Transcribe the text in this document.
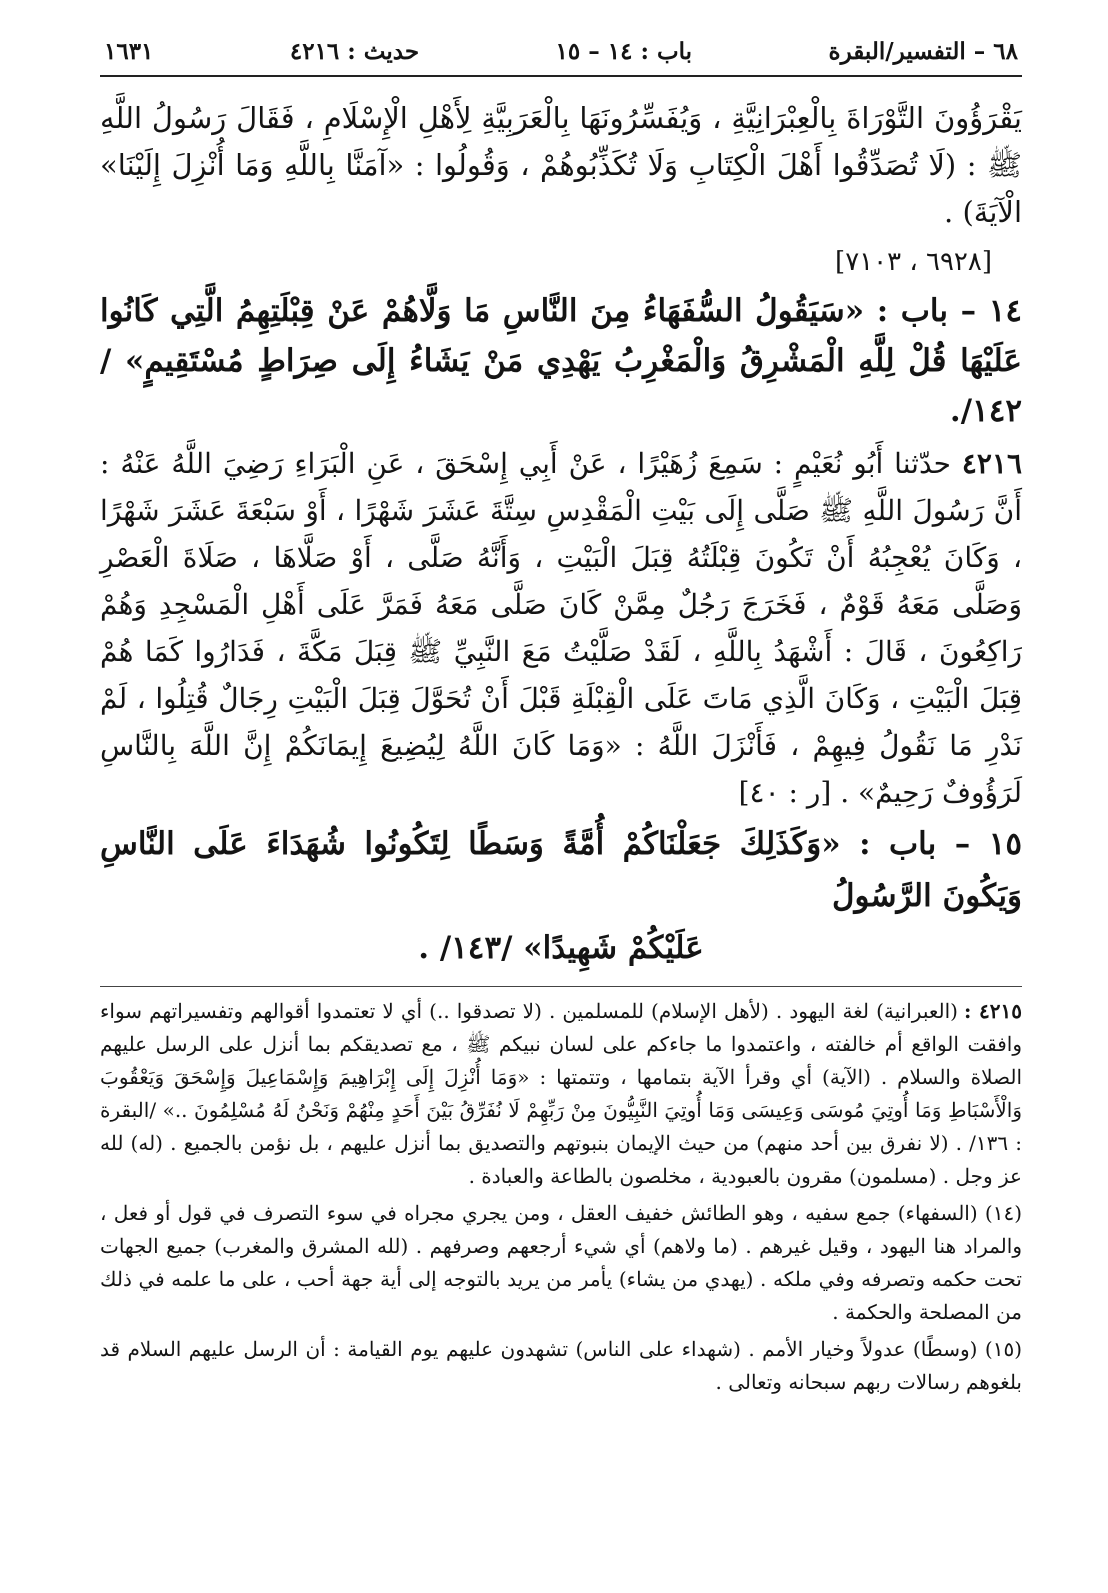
٦٨ – التفسير/البقرة
باب : ١٤ – ١٥
حديث : ٤٢١٦
١٦٣١

يَقْرَؤُونَ التَّوْرَاةَ بِالْعِبْرَانِيَّةِ ، وَيُفَسِّرُونَهَا بِالْعَرَبِيَّةِ لِأَهْلِ الْإِسْلَامِ ، فَقَالَ رَسُولُ اللَّهِ ﷺ : (لَا تُصَدِّقُوا أَهْلَ الْكِتَابِ وَلَا تُكَذِّبُوهُمْ ، وَقُولُوا : «آمَنَّا بِاللَّهِ وَمَا أُنْزِلَ إِلَيْنَا» الْآيَةَ) .

[٦٩٢٨ ، ٧١٠٣]

١٤ – باب : «سَيَقُولُ السُّفَهَاءُ مِنَ النَّاسِ مَا وَلَّاهُمْ عَنْ قِبْلَتِهِمُ الَّتِي كَانُوا عَلَيْهَا قُلْ لِلَّهِ الْمَشْرِقُ وَالْمَغْرِبُ يَهْدِي مَنْ يَشَاءُ إِلَى صِرَاطٍ مُسْتَقِيمٍ» /١٤٢/.

٤٢١٦ حدّثنا أَبُو نُعَيْمٍ : سَمِعَ زُهَيْرًا ، عَنْ أَبِي إِسْحَقَ ، عَنِ الْبَرَاءِ رَضِيَ اللَّهُ عَنْهُ : أَنَّ رَسُولَ اللَّهِ ﷺ صَلَّى إِلَى بَيْتِ الْمَقْدِسِ سِتَّةَ عَشَرَ شَهْرًا ، أَوْ سَبْعَةَ عَشَرَ شَهْرًا ، وَكَانَ يُعْجِبُهُ أَنْ تَكُونَ قِبْلَتُهُ قِبَلَ الْبَيْتِ ، وَأَنَّهُ صَلَّى ، أَوْ صَلَّاهَا ، صَلَاةَ الْعَصْرِ وَصَلَّى مَعَهُ قَوْمٌ ، فَخَرَجَ رَجُلٌ مِمَّنْ كَانَ صَلَّى مَعَهُ فَمَرَّ عَلَى أَهْلِ الْمَسْجِدِ وَهُمْ رَاكِعُونَ ، قَالَ : أَشْهَدُ بِاللَّهِ ، لَقَدْ صَلَّيْتُ مَعَ النَّبِيِّ ﷺ قِبَلَ مَكَّةَ ، فَدَارُوا كَمَا هُمْ قِبَلَ الْبَيْتِ ، وَكَانَ الَّذِي مَاتَ عَلَى الْقِبْلَةِ قَبْلَ أَنْ تُحَوَّلَ قِبَلَ الْبَيْتِ رِجَالٌ قُتِلُوا ، لَمْ نَدْرِ مَا نَقُولُ فِيهِمْ ، فَأَنْزَلَ اللَّهُ : «وَمَا كَانَ اللَّهُ لِيُضِيعَ إِيمَانَكُمْ إِنَّ اللَّهَ بِالنَّاسِ لَرَؤُوفٌ رَحِيمٌ» . [ر : ٤٠]

١٥ – باب : «وَكَذَلِكَ جَعَلْنَاكُمْ أُمَّةً وَسَطًا لِتَكُونُوا شُهَدَاءَ عَلَى النَّاسِ وَيَكُونَ الرَّسُولُ
عَلَيْكُمْ شَهِيدًا» /١٤٣/ .

٤٢١٥ :(العبرانية) لغة اليهود . (لأهل الإسلام) للمسلمين . (لا تصدقوا ..) أي لا تعتمدوا أقوالهم وتفسيراتهم سواء وافقت الواقع أم خالفته ، واعتمدوا ما جاءكم على لسان نبيكم ﷺ ، مع تصديقكم بما أنزل على الرسل عليهم الصلاة والسلام . (الآية) أي وقرأ الآية بتمامها ، وتتمتها : «وَمَا أُنْزِلَ إِلَى إِبْرَاهِيمَ وَإِسْمَاعِيلَ وَإِسْحَقَ وَيَعْقُوبَ وَالْأَسْبَاطِ وَمَا أُوتِيَ مُوسَى وَعِيسَى وَمَا أُوتِيَ النَّبِيُّونَ مِنْ رَبِّهِمْ لَا نُفَرِّقُ بَيْنَ أَحَدٍ مِنْهُمْ وَنَحْنُ لَهُ مُسْلِمُونَ ..» /البقرة : ١٣٦/ . (لا نفرق بين أحد منهم) من حيث الإيمان بنبوتهم والتصديق بما أنزل عليهم ، بل نؤمن بالجميع . (له) لله عز وجل . (مسلمون) مقرون بالعبودية ، مخلصون بالطاعة والعبادة .

(١٤) (السفهاء) جمع سفيه ، وهو الطائش خفيف العقل ، ومن يجري مجراه في سوء التصرف في قول أو فعل ، والمراد هنا اليهود ، وقيل غيرهم . (ما ولاهم) أي شيء أرجعهم وصرفهم . (لله المشرق والمغرب) جميع الجهات تحت حكمه وتصرفه وفي ملكه . (يهدي من يشاء) يأمر من يريد بالتوجه إلى أية جهة أحب ، على ما علمه في ذلك من المصلحة والحكمة .

(١٥) (وسطًا) عدولاً وخيار الأمم . (شهداء على الناس) تشهدون عليهم يوم القيامة : أن الرسل عليهم السلام قد بلغوهم رسالات ربهم سبحانه وتعالى .
